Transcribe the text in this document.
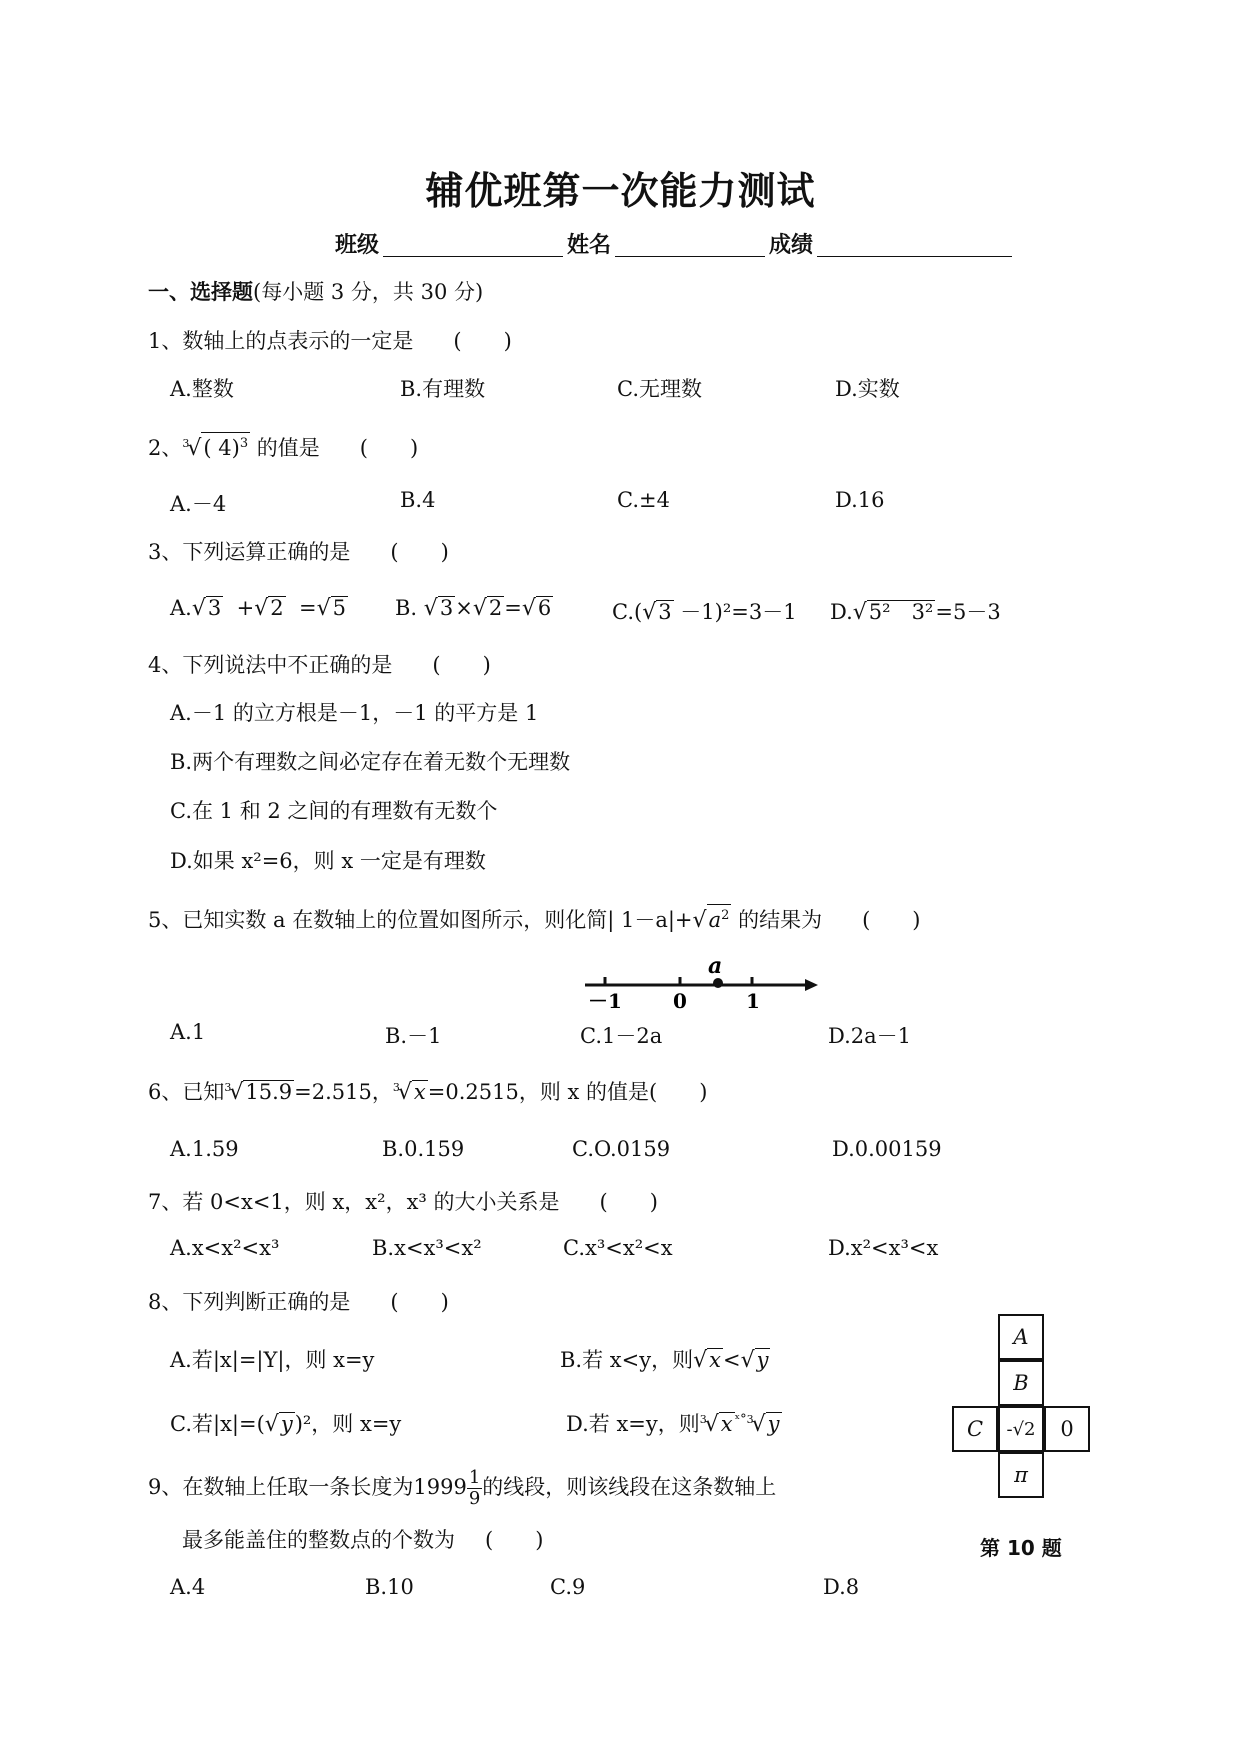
辅优班第一次能力测试
班级	姓名	成绩
一、选择题(每小题 3 分，共 30 分)
1、数轴上的点表示的一定是 (　　)
A.整数	B.有理数	C.无理数	D.实数
2、$^3$√( 4)$^3$ 的值是 (　　)
A.－4	B.4	C.±4	D.16
3、下列运算正确的是 (　　)
A.√3 +√2 =√5 B. √3×√2=√6	C.(√3 －1)²=3－1 D.√5²　3²=5－3
4、下列说法中不正确的是 (　　)
A.－1 的立方根是－1，－1 的平方是 1
B.两个有理数之间必定存在着无数个无理数
C.在 1 和 2 之间的有理数有无数个
D.如果 x²=6，则 x 一定是有理数
5、已知实数 a 在数轴上的位置如图所示，则化简| $1-a|+√a^2$ 的结果为 (　　)
a
－1	0	1
A.1	B.－1	C.1－2a	D.2a－1
6、已知$^3$√15.9=2.515，$^3$√x=0.2515，则 x 的值是(　　)
A.1.59	B.0.159	C.O.0159	D.0.00159
7、若 0<x<1，则 x，x²，x³ 的大小关系是 (　　)
A.x<x²<x³	B.x<x³<x²	C.x³<x²<x	D.x²<x³<x
8、下列判断正确的是 (　　)
A.若|x|=|Y|，则 x=y	B.若 x<y，则√x<√y
C.若|x|=(√y)²，则 x=y	D.若 x=y，则$^3$√x $^{ˣ^\circ 3}$√y
9、在数轴上任取一条长度为$1999 \frac{1}{9}$ 的线段，则该线段在这条数轴上
最多能盖住的整数点的个数为 (　　)
A.4	B.10	C.9	D.8
A
B
C	-√2	0
π
第 10 题
